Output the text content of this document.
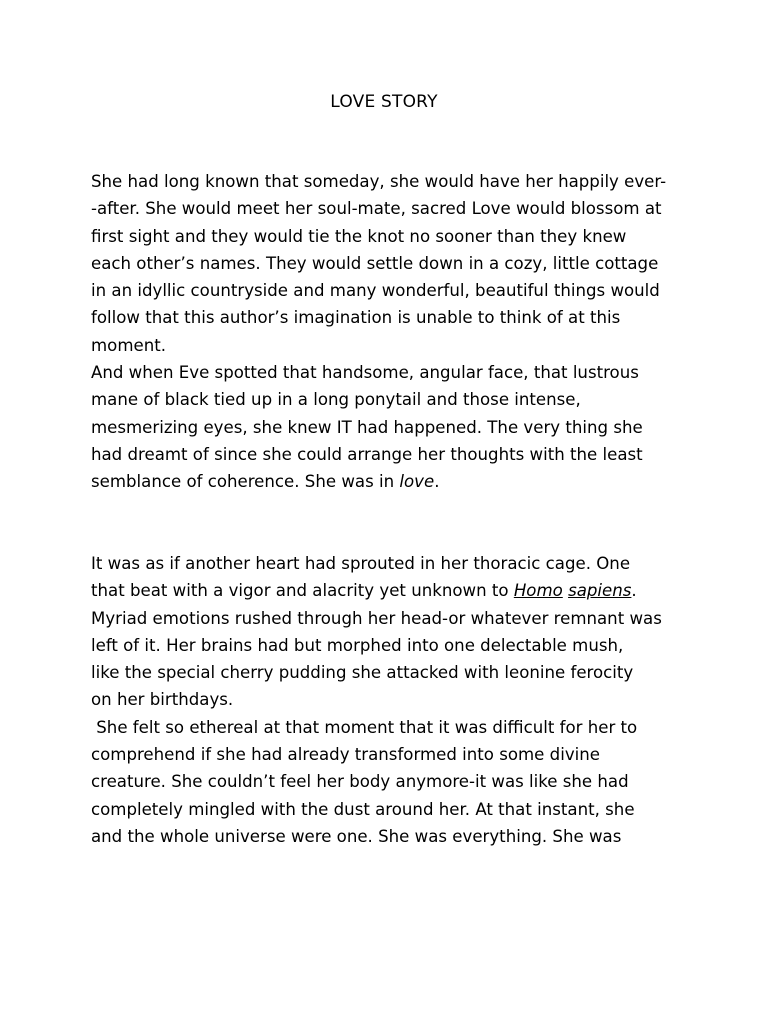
LOVE STORY

She had long known that someday, she would have her happily ever-
-after. She would meet her soul-mate, sacred Love would blossom at
first sight and they would tie the knot no sooner than they knew
each other’s names. They would settle down in a cozy, little cottage
in an idyllic countryside and many wonderful, beautiful things would
follow that this author’s imagination is unable to think of at this
moment.
And when Eve spotted that handsome, angular face, that lustrous
mane of black tied up in a long ponytail and those intense,
mesmerizing eyes, she knew IT had happened. The very thing she
had dreamt of since she could arrange her thoughts with the least
semblance of coherence. She was in love.

It was as if another heart had sprouted in her thoracic cage. One
that beat with a vigor and alacrity yet unknown to Homo sapiens.
Myriad emotions rushed through her head-or whatever remnant was
left of it. Her brains had but morphed into one delectable mush,
like the special cherry pudding she attacked with leonine ferocity
on her birthdays.
She felt so ethereal at that moment that it was difficult for her to
comprehend if she had already transformed into some divine
creature. She couldn’t feel her body anymore-it was like she had
completely mingled with the dust around her. At that instant, she
and the whole universe were one. She was everything. She was
